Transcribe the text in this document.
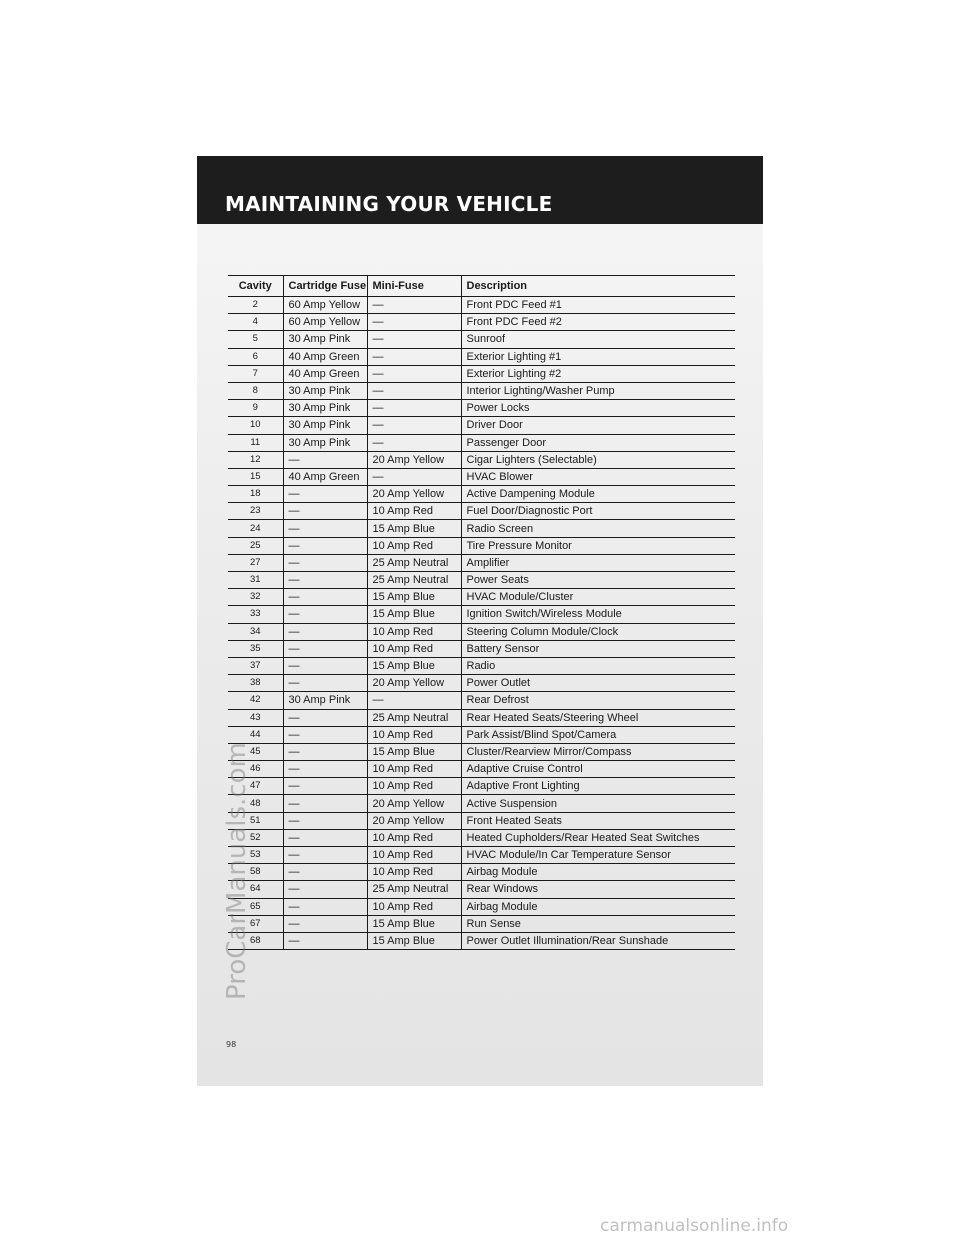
MAINTAINING YOUR VEHICLE
Cavity	Cartridge Fuse	Mini-Fuse	Description
2	60 Amp Yellow	—	Front PDC Feed #1
4	60 Amp Yellow	—	Front PDC Feed #2
5	30 Amp Pink	—	Sunroof
6	40 Amp Green	—	Exterior Lighting #1
7	40 Amp Green	—	Exterior Lighting #2
8	30 Amp Pink	—	Interior Lighting/Washer Pump
9	30 Amp Pink	—	Power Locks
10	30 Amp Pink	—	Driver Door
11	30 Amp Pink	—	Passenger Door
12	—	20 Amp Yellow	Cigar Lighters (Selectable)
15	40 Amp Green	—	HVAC Blower
18	—	20 Amp Yellow	Active Dampening Module
23	—	10 Amp Red	Fuel Door/Diagnostic Port
24	—	15 Amp Blue	Radio Screen
25	—	10 Amp Red	Tire Pressure Monitor
27	—	25 Amp Neutral	Amplifier
31	—	25 Amp Neutral	Power Seats
32	—	15 Amp Blue	HVAC Module/Cluster
33	—	15 Amp Blue	Ignition Switch/Wireless Module
34	—	10 Amp Red	Steering Column Module/Clock
35	—	10 Amp Red	Battery Sensor
37	—	15 Amp Blue	Radio
38	—	20 Amp Yellow	Power Outlet
42	30 Amp Pink	—	Rear Defrost
43	—	25 Amp Neutral	Rear Heated Seats/Steering Wheel
44	—	10 Amp Red	Park Assist/Blind Spot/Camera
45	—	15 Amp Blue	Cluster/Rearview Mirror/Compass
46	—	10 Amp Red	Adaptive Cruise Control
47	—	10 Amp Red	Adaptive Front Lighting
48	—	20 Amp Yellow	Active Suspension
51	—	20 Amp Yellow	Front Heated Seats
52	—	10 Amp Red	Heated Cupholders/Rear Heated Seat Switches
53	—	10 Amp Red	HVAC Module/In Car Temperature Sensor
58	—	10 Amp Red	Airbag Module
64	—	25 Amp Neutral	Rear Windows
65	—	10 Amp Red	Airbag Module
67	—	15 Amp Blue	Run Sense
68	—	15 Amp Blue	Power Outlet Illumination/Rear Sunshade
98
ProCarManuals.com
carmanualsonline.info
